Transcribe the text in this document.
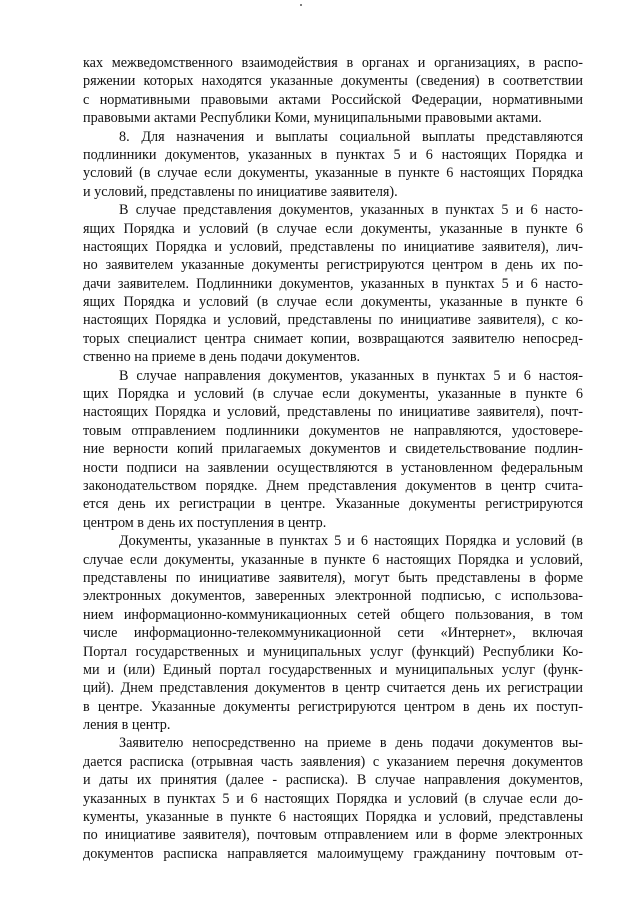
ках межведомственного взаимодействия в органах и организациях, в распо-
ряжении которых находятся указанные документы (сведения) в соответствии
с нормативными правовыми актами Российской Федерации, нормативными
правовыми актами Республики Коми, муниципальными правовыми актами.
8. Для назначения и выплаты социальной выплаты представляются
подлинники документов, указанных в пунктах 5 и 6 настоящих Порядка и
условий (в случае если документы, указанные в пункте 6 настоящих Порядка
и условий, представлены по инициативе заявителя).
В случае представления документов, указанных в пунктах 5 и 6 насто-
ящих Порядка и условий (в случае если документы, указанные в пункте 6
настоящих Порядка и условий, представлены по инициативе заявителя), лич-
но заявителем указанные документы регистрируются центром в день их по-
дачи заявителем. Подлинники документов, указанных в пунктах 5 и 6 насто-
ящих Порядка и условий (в случае если документы, указанные в пункте 6
настоящих Порядка и условий, представлены по инициативе заявителя), с ко-
торых специалист центра снимает копии, возвращаются заявителю непосред-
ственно на приеме в день подачи документов.
В случае направления документов, указанных в пунктах 5 и 6 настоя-
щих Порядка и условий (в случае если документы, указанные в пункте 6
настоящих Порядка и условий, представлены по инициативе заявителя), почт-
товым отправлением подлинники документов не направляются, удостовере-
ние верности копий прилагаемых документов и свидетельствование подлин-
ности подписи на заявлении осуществляются в установленном федеральным
законодательством порядке. Днем представления документов в центр счита-
ется день их регистрации в центре. Указанные документы регистрируются
центром в день их поступления в центр.
Документы, указанные в пунктах 5 и 6 настоящих Порядка и условий (в
случае если документы, указанные в пункте 6 настоящих Порядка и условий,
представлены по инициативе заявителя), могут быть представлены в форме
электронных документов, заверенных электронной подписью, с использова-
нием информационно-коммуникационных сетей общего пользования, в том
числе информационно-телекоммуникационной сети «Интернет», включая
Портал государственных и муниципальных услуг (функций) Республики Ко-
ми и (или) Единый портал государственных и муниципальных услуг (функ-
ций). Днем представления документов в центр считается день их регистрации
в центре. Указанные документы регистрируются центром в день их поступ-
ления в центр.
Заявителю непосредственно на приеме в день подачи документов вы-
дается расписка (отрывная часть заявления) с указанием перечня документов
и даты их принятия (далее - расписка). В случае направления документов,
указанных в пунктах 5 и 6 настоящих Порядка и условий (в случае если до-
кументы, указанные в пункте 6 настоящих Порядка и условий, представлены
по инициативе заявителя), почтовым отправлением или в форме электронных
документов расписка направляется малоимущему гражданину почтовым от-
